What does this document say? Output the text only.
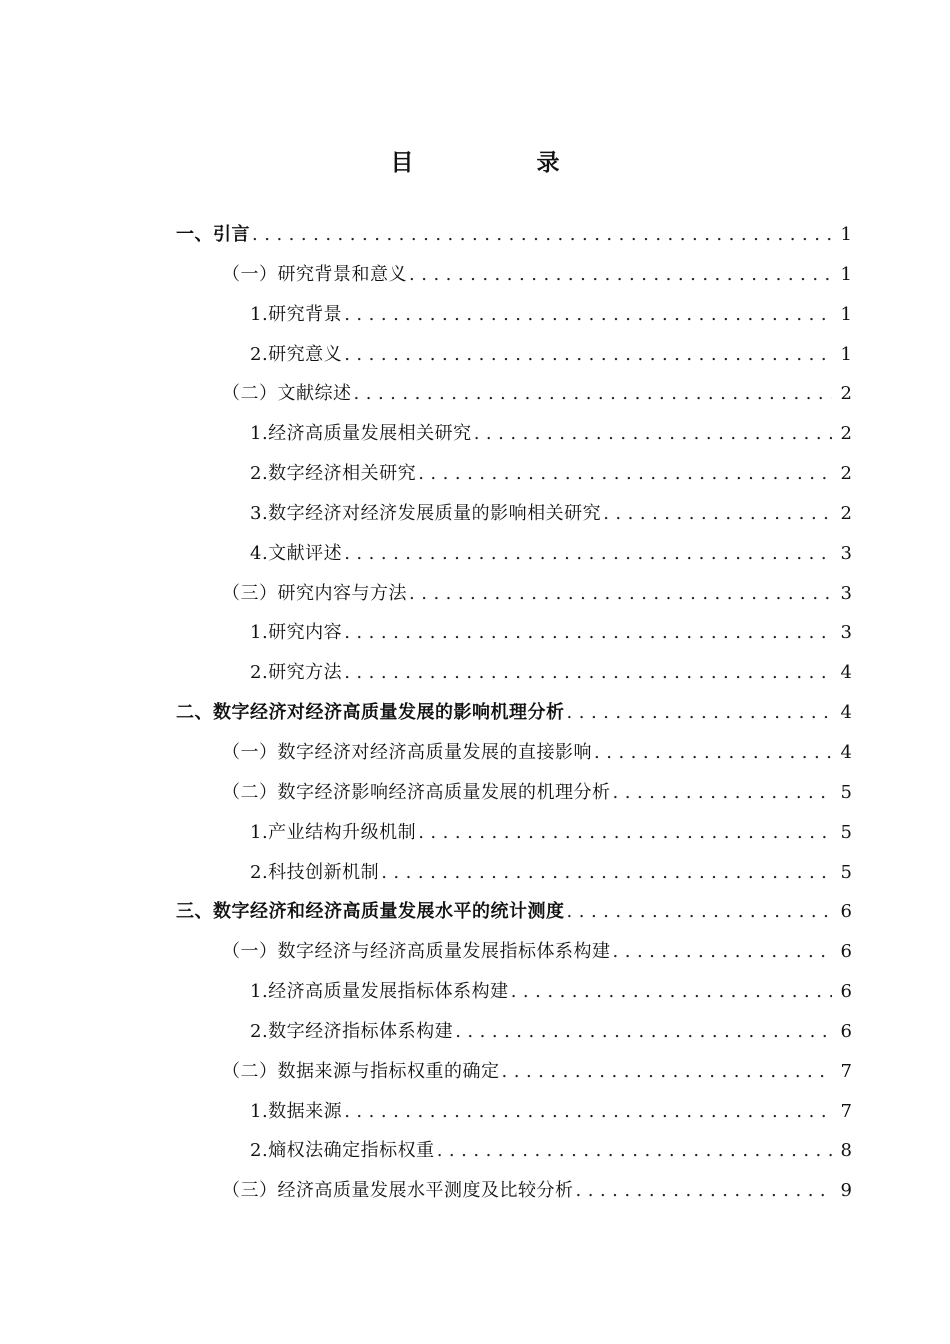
目　录
一、引言 .....	1
（一）研究背景和意义 .....	1
1.研究背景 .....	1
2.研究意义 .....	1
（二）文献综述 .....	2
1.经济高质量发展相关研究 .....	2
2.数字经济相关研究 .....	2
3.数字经济对经济发展质量的影响相关研究 .....	2
4.文献评述 .....	3
（三）研究内容与方法 .....	3
1.研究内容 .....	3
2.研究方法 .....	4
二、数字经济对经济高质量发展的影响机理分析 .....	4
（一）数字经济对经济高质量发展的直接影响 .....	4
（二）数字经济影响经济高质量发展的机理分析 .....	5
1.产业结构升级机制 .....	5
2.科技创新机制 .....	5
三、数字经济和经济高质量发展水平的统计测度 .....	6
（一）数字经济与经济高质量发展指标体系构建 .....	6
1.经济高质量发展指标体系构建 .....	6
2.数字经济指标体系构建 .....	6
（二）数据来源与指标权重的确定 .....	7
1.数据来源 .....	7
2.熵权法确定指标权重 .....	8
（三）经济高质量发展水平测度及比较分析 .....	9
